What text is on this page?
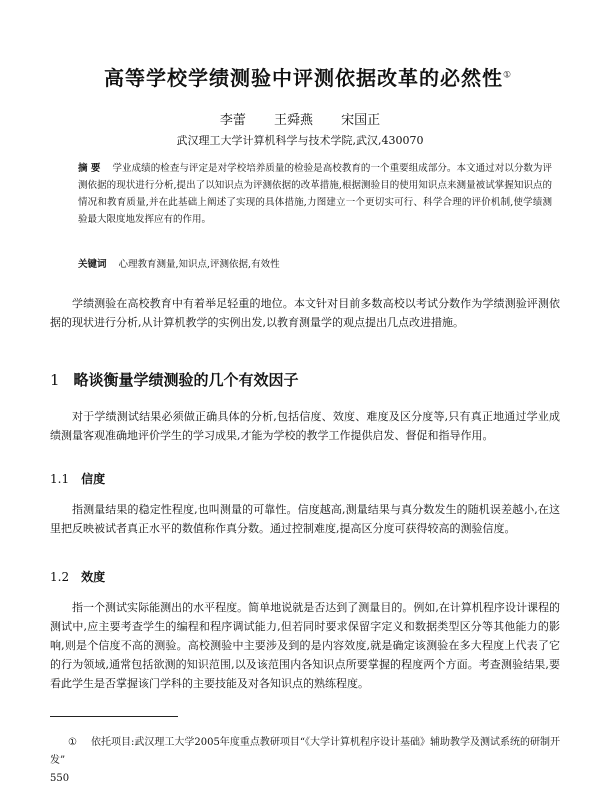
高等学校学绩测验中评测依据改革的必然性①
李蕾 王舜燕 宋国正
武汉理工大学计算机科学与技术学院,武汉,430070
摘 要 学业成绩的检查与评定是对学校培养质量的检验是高校教育的一个重要组成部分。本文通过对以分数为评测依据的现状进行分析,提出了以知识点为评测依据的改革措施,根据测验目的使用知识点来测量被试掌握知识点的情况和教育质量,并在此基础上阐述了实现的具体措施,力图建立一个更切实可行、科学合理的评价机制,使学绩测验最大限度地发挥应有的作用。
关键词 心理教育测量,知识点,评测依据,有效性

学绩测验在高校教育中有着举足轻重的地位。本文针对目前多数高校以考试分数作为学绩测验评测依据的现状进行分析,从计算机教学的实例出发,以教育测量学的观点提出几点改进措施。

1 略谈衡量学绩测验的几个有效因子

对于学绩测试结果必须做正确具体的分析,包括信度、效度、难度及区分度等,只有真正地通过学业成绩测量客观准确地评价学生的学习成果,才能为学校的教学工作提供启发、督促和指导作用。

1.1 信度

指测量结果的稳定性程度,也叫测量的可靠性。信度越高,测量结果与真分数发生的随机误差越小,在这里把反映被试者真正水平的数值称作真分数。通过控制难度,提高区分度可获得较高的测验信度。

1.2 效度

指一个测试实际能测出的水平程度。简单地说就是否达到了测量目的。例如,在计算机程序设计课程的测试中,应主要考查学生的编程和程序调试能力,但若同时要求保留字定义和数据类型区分等其他能力的影响,则是个信度不高的测验。高校测验中主要涉及到的是内容效度,就是确定该测验在多大程度上代表了它的行为领域,通常包括欲测的知识范围,以及该范围内各知识点所要掌握的程度两个方面。考查测验结果,要看此学生是否掌握该门学科的主要技能及对各知识点的熟练程度。

① 依托项目:武汉理工大学2005年度重点教研项目“《大学计算机程序设计基础》辅助教学及测试系统的研制开发”
550
